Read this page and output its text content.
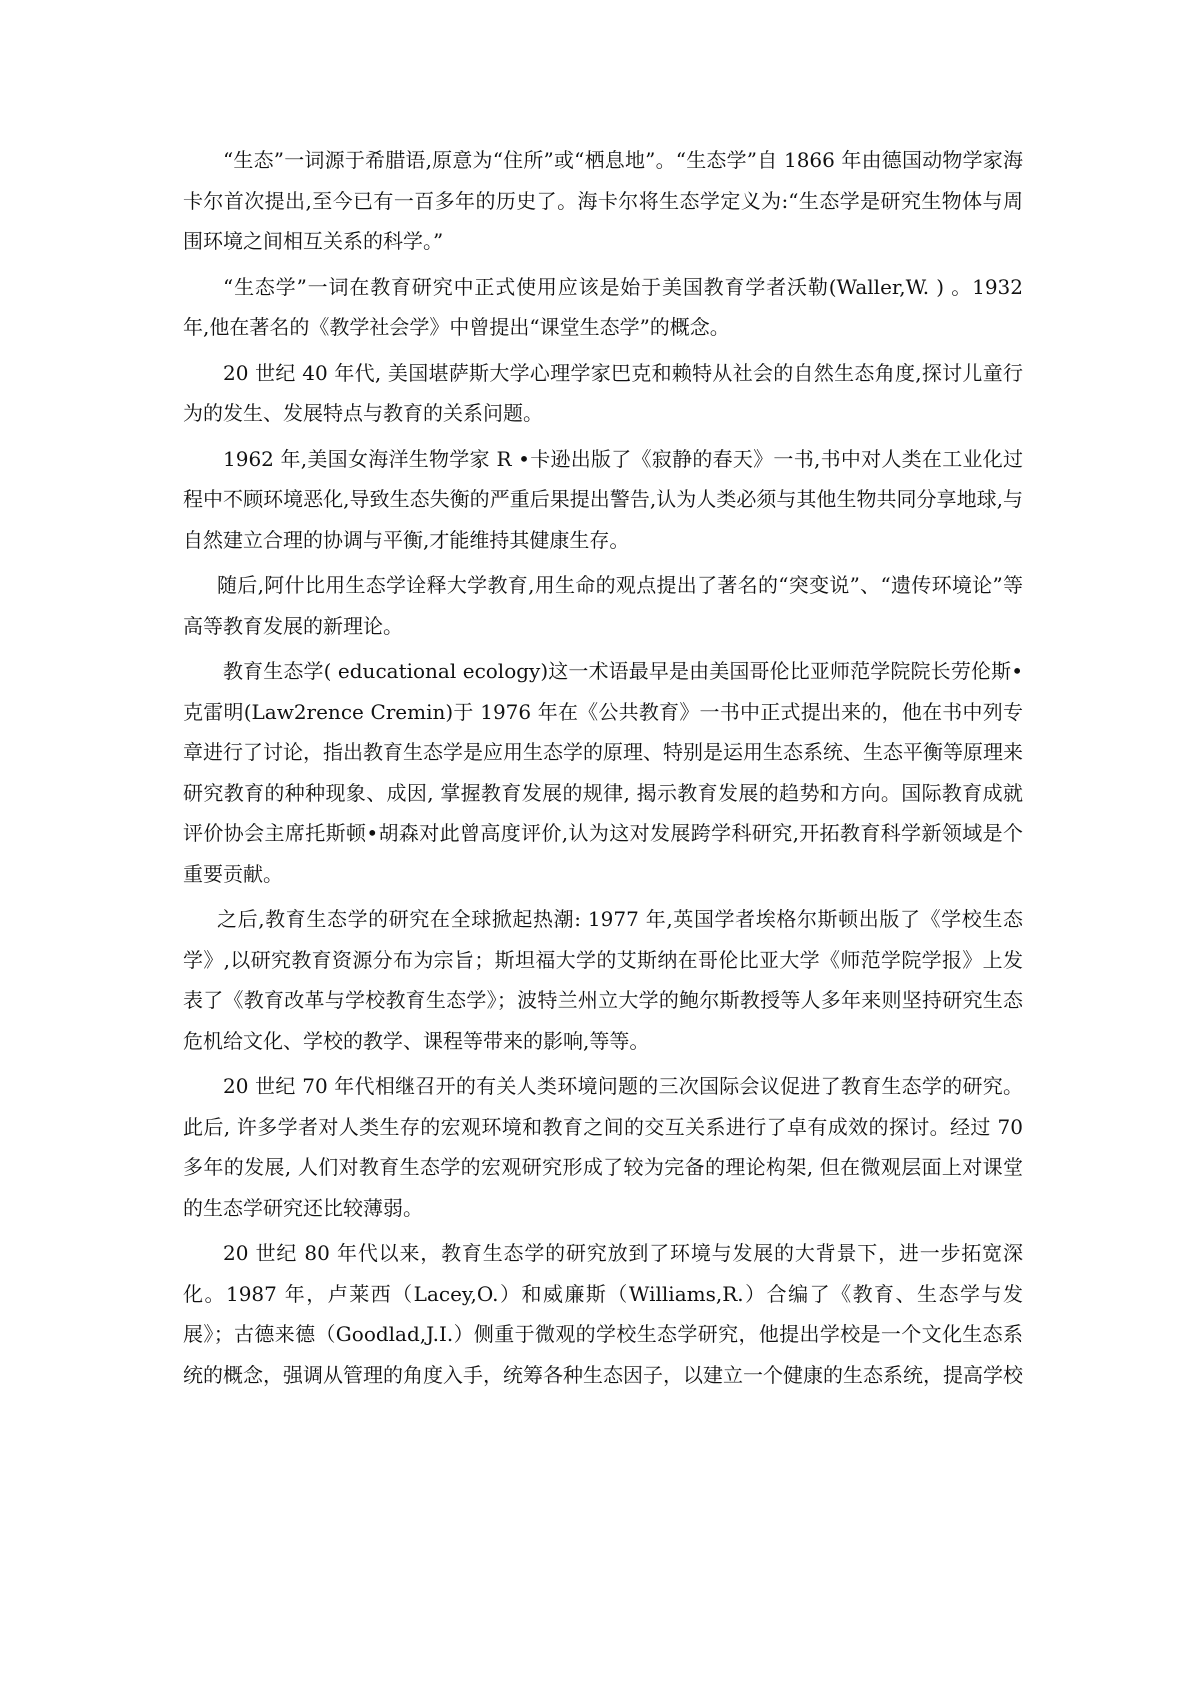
“生态”一词源于希腊语,原意为“住所”或“栖息地”。“生态学”自 1866 年由德国动物学家海卡尔首次提出,至今已有一百多年的历史了。海卡尔将生态学定义为:“生态学是研究生物体与周围环境之间相互关系的科学。”

“生态学”一词在教育研究中正式使用应该是始于美国教育学者沃勒(Waller,W. ) 。1932 年,他在著名的《教学社会学》中曾提出“课堂生态学”的概念。

20 世纪 40 年代, 美国堪萨斯大学心理学家巴克和赖特从社会的自然生态角度,探讨儿童行为的发生、发展特点与教育的关系问题。

1962 年,美国女海洋生物学家 R •卡逊出版了《寂静的春天》一书,书中对人类在工业化过程中不顾环境恶化,导致生态失衡的严重后果提出警告,认为人类必须与其他生物共同分享地球,与自然建立合理的协调与平衡,才能维持其健康生存。

随后,阿什比用生态学诠释大学教育,用生命的观点提出了著名的“突变说”、“遗传环境论”等高等教育发展的新理论。

教育生态学( educational ecology)这一术语最早是由美国哥伦比亚师范学院院长劳伦斯•克雷明(Law2rence Cremin)于 1976 年在《公共教育》一书中正式提出来的，他在书中列专章进行了讨论，指出教育生态学是应用生态学的原理、特别是运用生态系统、生态平衡等原理来研究教育的种种现象、成因, 掌握教育发展的规律, 揭示教育发展的趋势和方向。国际教育成就评价协会主席托斯顿•胡森对此曾高度评价,认为这对发展跨学科研究,开拓教育科学新领域是个重要贡献。

之后,教育生态学的研究在全球掀起热潮: 1977 年,英国学者埃格尔斯顿出版了《学校生态学》,以研究教育资源分布为宗旨；斯坦福大学的艾斯纳在哥伦比亚大学《师范学院学报》上发表了《教育改革与学校教育生态学》；波特兰州立大学的鲍尔斯教授等人多年来则坚持研究生态危机给文化、学校的教学、课程等带来的影响,等等。

20 世纪 70 年代相继召开的有关人类环境问题的三次国际会议促进了教育生态学的研究。此后, 许多学者对人类生存的宏观环境和教育之间的交互关系进行了卓有成效的探讨。经过 70 多年的发展, 人们对教育生态学的宏观研究形成了较为完备的理论构架, 但在微观层面上对课堂的生态学研究还比较薄弱。

20 世纪 80 年代以来，教育生态学的研究放到了环境与发展的大背景下，进一步拓宽深化。1987 年，卢莱西（Lacey,O.）和威廉斯（Williams,R.）合编了《教育、生态学与发展》；古德来德（Goodlad,J.I.）侧重于微观的学校生态学研究，他提出学校是一个文化生态系统的概念，强调从管理的角度入手，统筹各种生态因子，以建立一个健康的生态系统，提高学校
